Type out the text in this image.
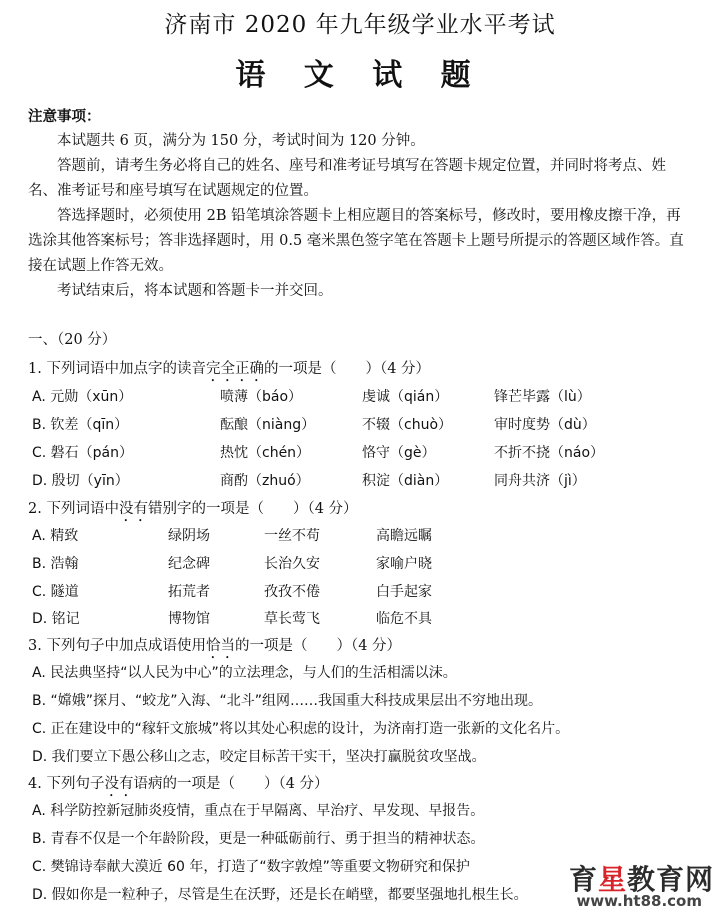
济南市 2020 年九年级学业水平考试
语 文 试 题
注意事项：

本试题共 6 页，满分为 150 分，考试时间为 120 分钟。

答题前，请考生务必将自己的姓名、座号和准考证号填写在答题卡规定位置，并同时将考点、姓名、准考证号和座号填写在试题规定的位置。

答选择题时，必须使用 2B 铅笔填涂答题卡上相应题目的答案标号，修改时，要用橡皮擦干净，再选涂其他答案标号；答非选择题时，用 0.5 毫米黑色签字笔在答题卡上题号所提示的答题区域作答。直接在试题上作答无效。

考试结束后，将本试题和答题卡一并交回。

一、（20 分）
1. 下列词语中加点字的读音完全正确的一项是（　　）（4 分）
A. 元勋（xūn）	喷薄（báo）	虔诚（qián）	锋芒毕露（lù）
B. 钦差（qīn）	酝酿（niàng）	不辍（chuò）	审时度势（dù）
C. 磐石（pán）	热忱（chén）	恪守（gè）	不折不挠（náo）
D. 殷切（yīn）	商酌（zhuó）	积淀（diàn）	同舟共济（jì）
2. 下列词语中没有错别字的一项是（　　）（4 分）
A. 精致	绿阴场	一丝不苟	高瞻远瞩
B. 浩翰	纪念碑	长治久安	家喻户晓
C. 隧道	拓荒者	孜孜不倦	白手起家
D. 铭记	博物馆	草长莺飞	临危不具
3. 下列句子中加点成语使用恰当的一项是（　　）（4 分）
A. 民法典坚持“以人民为中心”的立法理念，与人们的生活相濡以沫。
B. “嫦娥”探月、“蛟龙”入海、“北斗”组网……我国重大科技成果层出不穷地出现。
C. 正在建设中的“稼轩文旅城”将以其处心积虑的设计，为济南打造一张新的文化名片。
D. 我们要立下愚公移山之志，咬定目标苦干实干，坚决打赢脱贫攻坚战。
4. 下列句子没有语病的一项是（　　）（4 分）
A. 科学防控新冠肺炎疫情，重点在于早隔离、早治疗、早发现、早报告。
B. 青春不仅是一个年龄阶段，更是一种砥砺前行、勇于担当的精神状态。
C. 樊锦诗奉献大漠近 60 年，打造了“数字敦煌”等重要文物研究和保护
D. 假如你是一粒种子，尽管是生在沃野，还是长在峭壁，都要坚强地扎根生长。 育星教育网
www.ht88.com
